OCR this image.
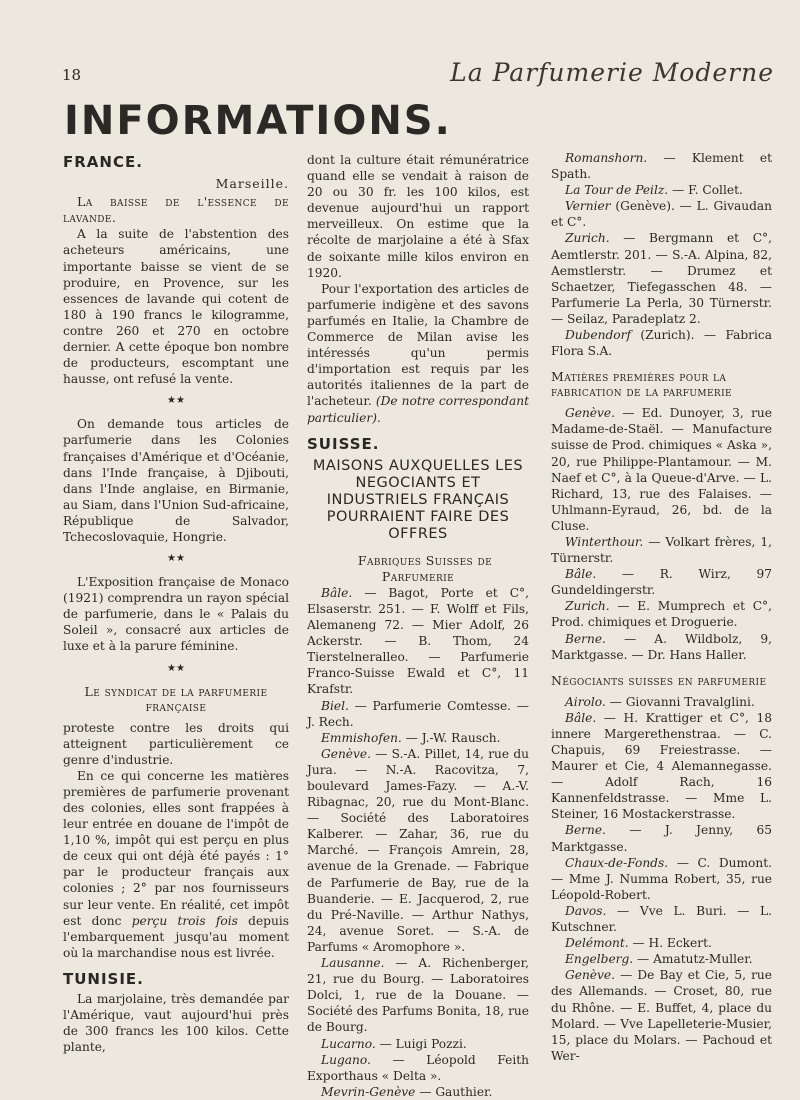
18	La Parfumerie Moderne
INFORMATIONS.
FRANCE.
Marseille.

La baisse de l'essence de lavande.

A la suite de l'abstention des acheteurs américains, une importante baisse se vient de se produire, en Provence, sur les essences de lavande qui cotent de 180 à 190 francs le kilogramme, contre 260 et 270 en octobre dernier. A cette époque bon nombre de producteurs, escomptant une hausse, ont refusé la vente.

★★

On demande tous articles de parfumerie dans les Colonies françaises d'Amérique et d'Océanie, dans l'Inde française, à Djibouti, dans l'Inde anglaise, en Birmanie, au Siam, dans l'Union Sud-africaine, République de Salvador, Tchecoslovaquie, Hongrie.

★★

L'Exposition française de Monaco (1921) comprendra un rayon spécial de parfumerie, dans le « Palais du Soleil », consacré aux articles de luxe et à la parure féminine.

★★
Le syndicat de la parfumerie française

proteste contre les droits qui atteignent particulièrement ce genre d'industrie.

En ce qui concerne les matières premières de parfumerie provenant des colonies, elles sont frappées à leur entrée en douane de l'impôt de 1,10 %, impôt qui est perçu en plus de ceux qui ont déjà été payés : 1° par le producteur français aux colonies ; 2° par nos fournisseurs sur leur vente. En réalité, cet impôt est donc perçu trois fois depuis l'embarquement jusqu'au moment où la marchandise nous est livrée.

TUNISIE.

La marjolaine, très demandée par l'Amérique, vaut aujourd'hui près de 300 francs les 100 kilos. Cette plante,

dont la culture était rémunératrice quand elle se vendait à raison de 20 ou 30 fr. les 100 kilos, est devenue aujourd'hui un rapport merveilleux. On estime que la récolte de marjolaine a été à Sfax de soixante mille kilos environ en 1920.

Pour l'exportation des articles de parfumerie indigène et des savons parfumés en Italie, la Chambre de Commerce de Milan avise les intéressés qu'un permis d'importation est requis par les autorités italiennes de la part de l'acheteur. (De notre correspondant particulier).

SUISSE.
MAISONS AUXQUELLES LES NEGOCIANTS ET INDUSTRIELS FRANÇAIS POURRAIENT FAIRE DES OFFRES

Fabriques Suisses de Parfumerie

Bâle. — Bagot, Porte et C°, Elsaserstr. 251. — F. Wolff et Fils, Alemaneng 72. — Mier Adolf, 26 Ackerstr. — B. Thom, 24 Tierstelneralleo. — Parfumerie Franco-Suisse Ewald et C°, 11 Krafstr.

Biel. — Parfumerie Comtesse. — J. Rech.

Emmishofen. — J.-W. Rausch.

Genève. — S.-A. Pillet, 14, rue du Jura. — N.-A. Racovitza, 7, boulevard James-Fazy. — A.-V. Ribagnac, 20, rue du Mont-Blanc. — Société des Laboratoires Kalberer. — Zahar, 36, rue du Marché. — François Amrein, 28, avenue de la Grenade. — Fabrique de Parfumerie de Bay, rue de la Buanderie. — E. Jacquerod, 2, rue du Pré-Naville. — Arthur Nathys, 24, avenue Soret. — S.-A. de Parfums « Aromophore ».

Lausanne. — A. Richenberger, 21, rue du Bourg. — Laboratoires Dolci, 1, rue de la Douane. — Société des Parfums Bonita, 18, rue de Bourg.

Lucarno. — Luigi Pozzi.

Lugano. — Léopold Feith Exporthaus « Delta ».

Mevrin-Genève — Gauthier.

Romanshorn. — Klement et Spath.

La Tour de Peilz. — F. Collet.

Vernier (Genève). — L. Givaudan et C°.

Zurich. — Bergmann et C°, Aemtlerstr. 201. — S.-A. Alpina, 82, Aemstlerstr. — Drumez et Schaetzer, Tiefegasschen 48. — Parfumerie La Perla, 30 Türnerstr. — Seilaz, Paradeplatz 2.

Dubendorf (Zurich). — Fabrica Flora S.A.

Matières premières pour la fabrication de la parfumerie

Genève. — Ed. Dunoyer, 3, rue Madame-de-Staël. — Manufacture suisse de Prod. chimiques « Aska », 20, rue Philippe-Plantamour. — M. Naef et C°, à la Queue-d'Arve. — L. Richard, 13, rue des Falaises. — Uhlmann-Eyraud, 26, bd. de la Cluse.

Winterthour. — Volkart frères, 1, Türnerstr.

Bâle. — R. Wirz, 97 Gundeldingerstr.

Zurich. — E. Mumprech et C°, Prod. chimiques et Droguerie.

Berne. — A. Wildbolz, 9, Marktgasse. — Dr. Hans Haller.

Négociants suisses en parfumerie

Airolo. — Giovanni Travalglini.

Bâle. — H. Krattiger et C°, 18 innere Margerethenstraa. — C. Chapuis, 69 Freiestrasse. — Maurer et Cie, 4 Alemannegasse. — Adolf Rach, 16 Kannenfeldstrasse. — Mme L. Steiner, 16 Mostackerstrasse.

Berne. — J. Jenny, 65 Marktgasse.

Chaux-de-Fonds. — C. Dumont. — Mme J. Numma Robert, 35, rue Léopold-Robert.

Davos. — Vve L. Buri. — L. Kutschner.

Delémont. — H. Eckert.

Engelberg. — Amatutz-Muller.

Genève. — De Bay et Cie, 5, rue des Allemands. — Croset, 80, rue du Rhône. — E. Buffet, 4, place du Molard. — Vve Lapelleterie-Musier, 15, place du Molars. — Pachoud et Wer-
